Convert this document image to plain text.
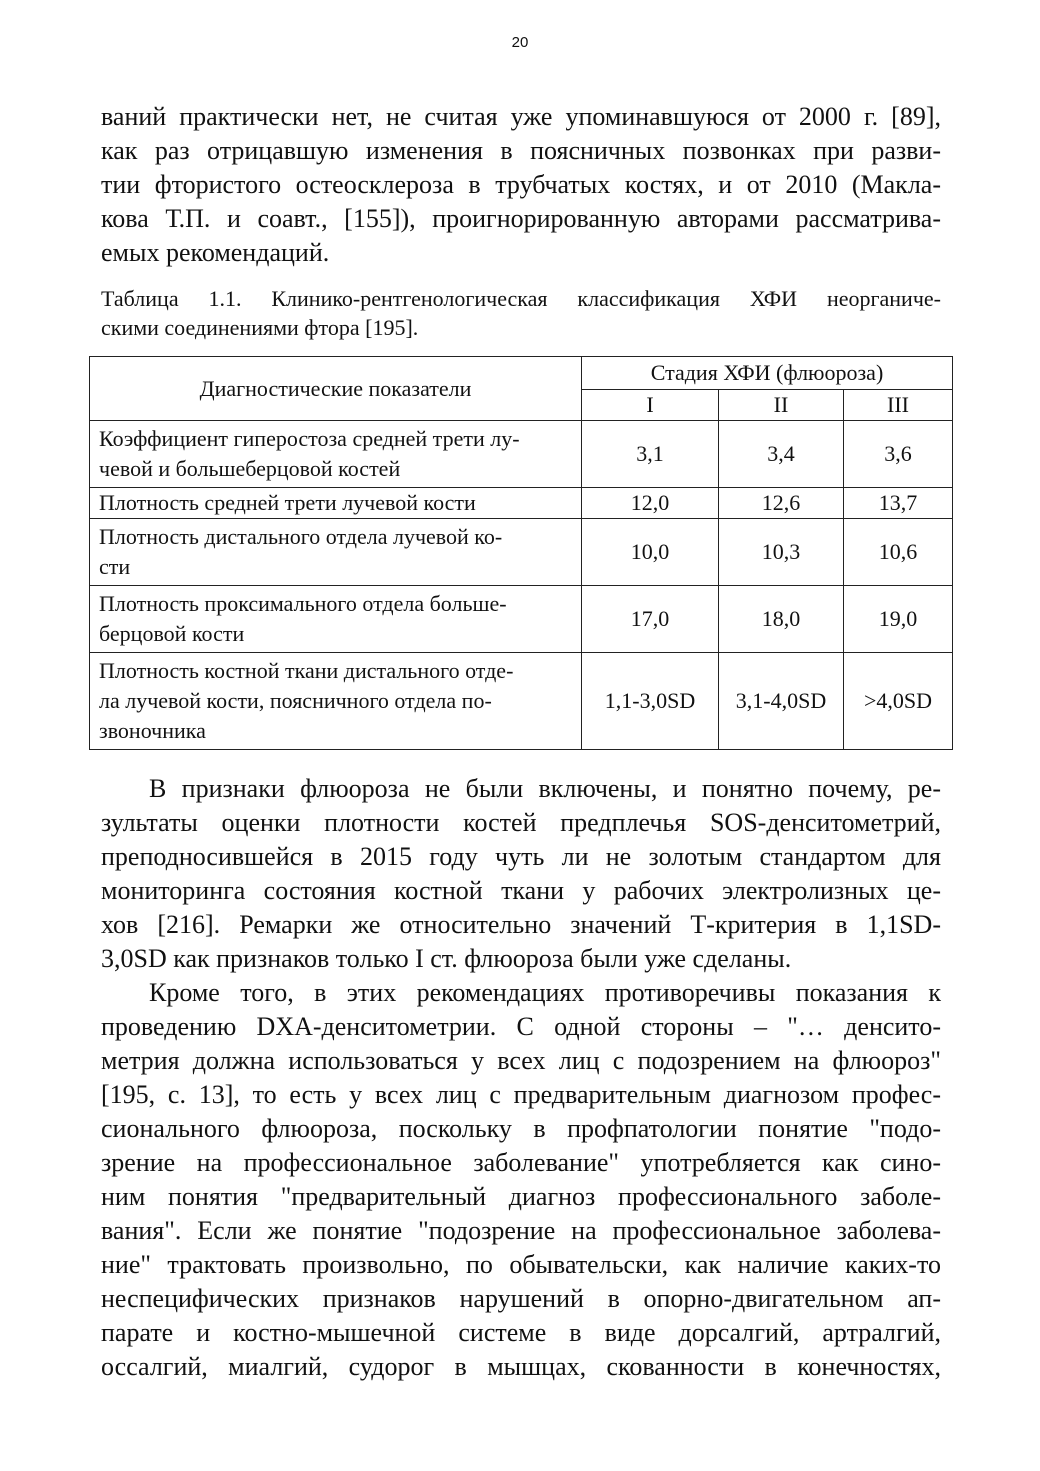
20
ваний практически нет, не считая уже упоминавшуюся от 2000 г. [89],
как раз отрицавшую изменения в поясничных позвонках при разви-
тии фтористого остеосклероза в трубчатых костях, и от 2010 (Макла-
кова Т.П. и соавт., [155]), проигнорированную авторами рассматрива-
емых рекомендаций.
Таблица 1.1. Клинико-рентгенологическая классификация ХФИ неорганиче-
скими соединениями фтора [195].
Диагностические показатели	Стадия ХФИ (флюороза)		
	I	II	III
Коэффициент гиперостоза средней трети лу-
чевой и большеберцовой костей	3,1	3,4	3,6
Плотность средней трети лучевой кости	12,0	12,6	13,7
Плотность дистального отдела лучевой ко-
сти	10,0	10,3	10,6
Плотность проксимального отдела больше-
берцовой кости	17,0	18,0	19,0
Плотность костной ткани дистального отде-
ла лучевой кости, поясничного отдела по-
звоночника	1,1-3,0SD	3,1-4,0SD	>4,0SD
В признаки флюороза не были включены, и понятно почему, ре-
зультаты оценки плотности костей предплечья SOS-денситометрий,
преподносившейся в 2015 году чуть ли не золотым стандартом для
мониторинга состояния костной ткани у рабочих электролизных це-
хов [216]. Ремарки же относительно значений Т-критерия в 1,1SD-
3,0SD как признаков только I ст. флюороза были уже сделаны.
Кроме того, в этих рекомендациях противоречивы показания к
проведению DXA-денситометрии. С одной стороны – "… денсито-
метрия должна использоваться у всех лиц с подозрением на флюороз"
[195, с. 13], то есть у всех лиц с предварительным диагнозом профес-
сионального флюороза, поскольку в профпатологии понятие "подо-
зрение на профессиональное заболевание" употребляется как сино-
ним понятия "предварительный диагноз профессионального заболе-
вания". Если же понятие "подозрение на профессиональное заболева-
ние" трактовать произвольно, по обывательски, как наличие каких-то
неспецифических признаков нарушений в опорно-двигательном ап-
парате и костно-мышечной системе в виде дорсалгий, артралгий,
оссалгий, миалгий, судорог в мышцах, скованности в конечностях,
